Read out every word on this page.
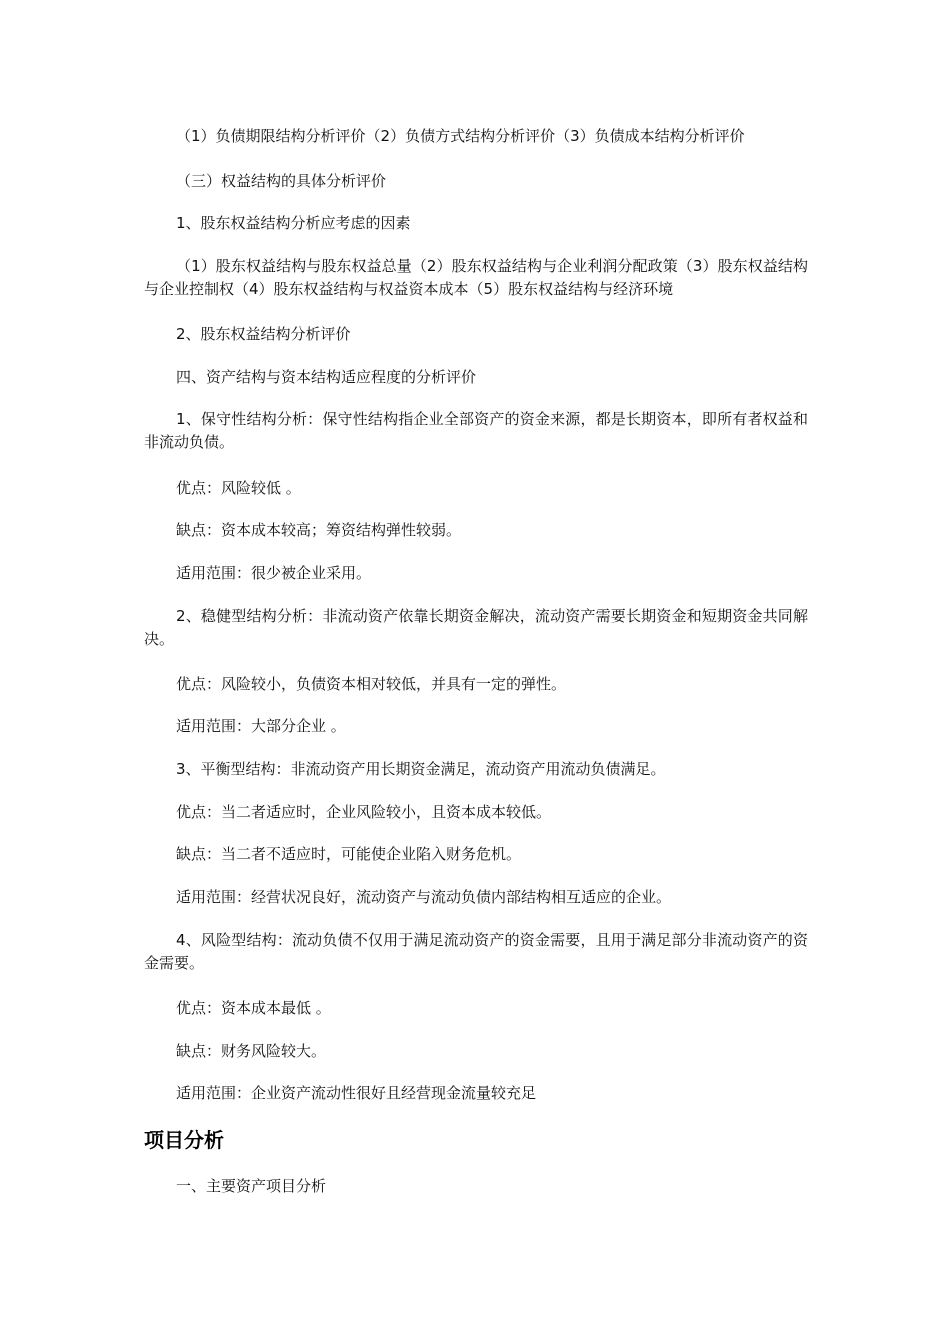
（1）负债期限结构分析评价（2）负债方式结构分析评价（3）负债成本结构分析评价

（三）权益结构的具体分析评价

1、股东权益结构分析应考虑的因素

（1）股东权益结构与股东权益总量（2）股东权益结构与企业利润分配政策（3）股东权益结构与企业控制权（4）股东权益结构与权益资本成本（5）股东权益结构与经济环境

2、股东权益结构分析评价

四、资产结构与资本结构适应程度的分析评价

1、保守性结构分析：保守性结构指企业全部资产的资金来源，都是长期资本，即所有者权益和非流动负债。

优点：风险较低 。

缺点：资本成本较高；筹资结构弹性较弱。

适用范围：很少被企业采用。

2、稳健型结构分析：非流动资产依靠长期资金解决，流动资产需要长期资金和短期资金共同解决。

优点：风险较小，负债资本相对较低，并具有一定的弹性。

适用范围：大部分企业 。

3、平衡型结构：非流动资产用长期资金满足，流动资产用流动负债满足。

优点：当二者适应时，企业风险较小，且资本成本较低。

缺点：当二者不适应时，可能使企业陷入财务危机。

适用范围：经营状况良好，流动资产与流动负债内部结构相互适应的企业。

4、风险型结构：流动负债不仅用于满足流动资产的资金需要，且用于满足部分非流动资产的资金需要。

优点：资本成本最低 。

缺点：财务风险较大。

适用范围：企业资产流动性很好且经营现金流量较充足

项目分析

一、主要资产项目分析
